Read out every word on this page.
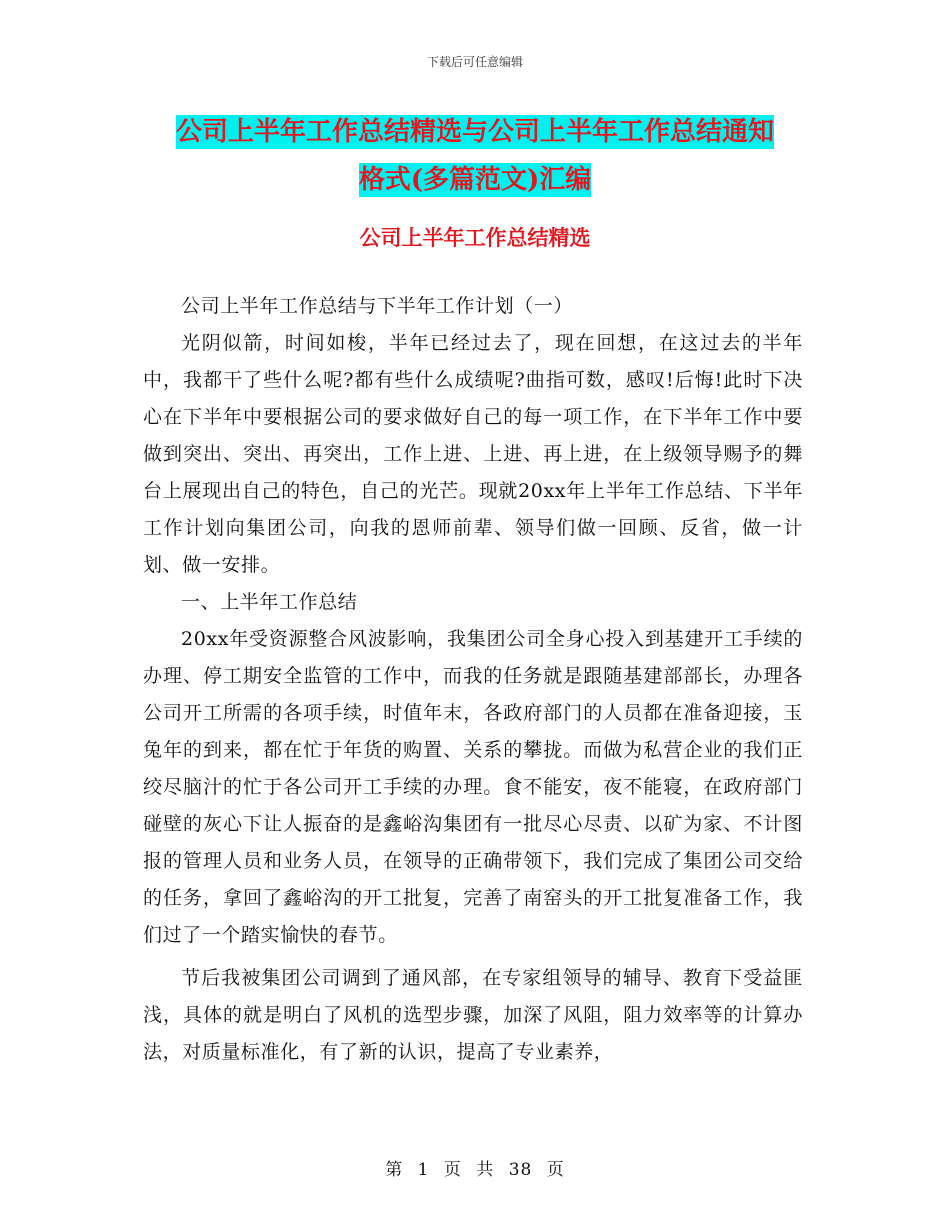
下载后可任意编辑
公司上半年工作总结精选与公司上半年工作总结通知
格式(多篇范文)汇编
公司上半年工作总结精选

公司上半年工作总结与下半年工作计划（一）

光阴似箭，时间如梭，半年已经过去了，现在回想，在这过去的半年中，我都干了些什么呢?都有些什么成绩呢?曲指可数，感叹!后悔!此时下决心在下半年中要根据公司的要求做好自己的每一项工作，在下半年工作中要做到突出、突出、再突出，工作上进、上进、再上进，在上级领导赐予的舞台上展现出自己的特色，自己的光芒。现就20xx年上半年工作总结、下半年工作计划向集团公司，向我的恩师前辈、领导们做一回顾、反省，做一计划、做一安排。

一、上半年工作总结

20xx年受资源整合风波影响，我集团公司全身心投入到基建开工手续的办理、停工期安全监管的工作中，而我的任务就是跟随基建部部长，办理各公司开工所需的各项手续，时值年末，各政府部门的人员都在准备迎接，玉兔年的到来，都在忙于年货的购置、关系的攀拢。而做为私营企业的我们正绞尽脑汁的忙于各公司开工手续的办理。食不能安，夜不能寝，在政府部门碰壁的灰心下让人振奋的是鑫峪沟集团有一批尽心尽责、以矿为家、不计图报的管理人员和业务人员，在领导的正确带领下，我们完成了集团公司交给的任务，拿回了鑫峪沟的开工批复，完善了南窑头的开工批复准备工作，我们过了一个踏实愉快的春节。

节后我被集团公司调到了通风部，在专家组领导的辅导、教育下受益匪浅，具体的就是明白了风机的选型步骤，加深了风阻，阻力效率等的计算办法，对质量标准化，有了新的认识，提高了专业素养，

第 1 页 共 38 页
